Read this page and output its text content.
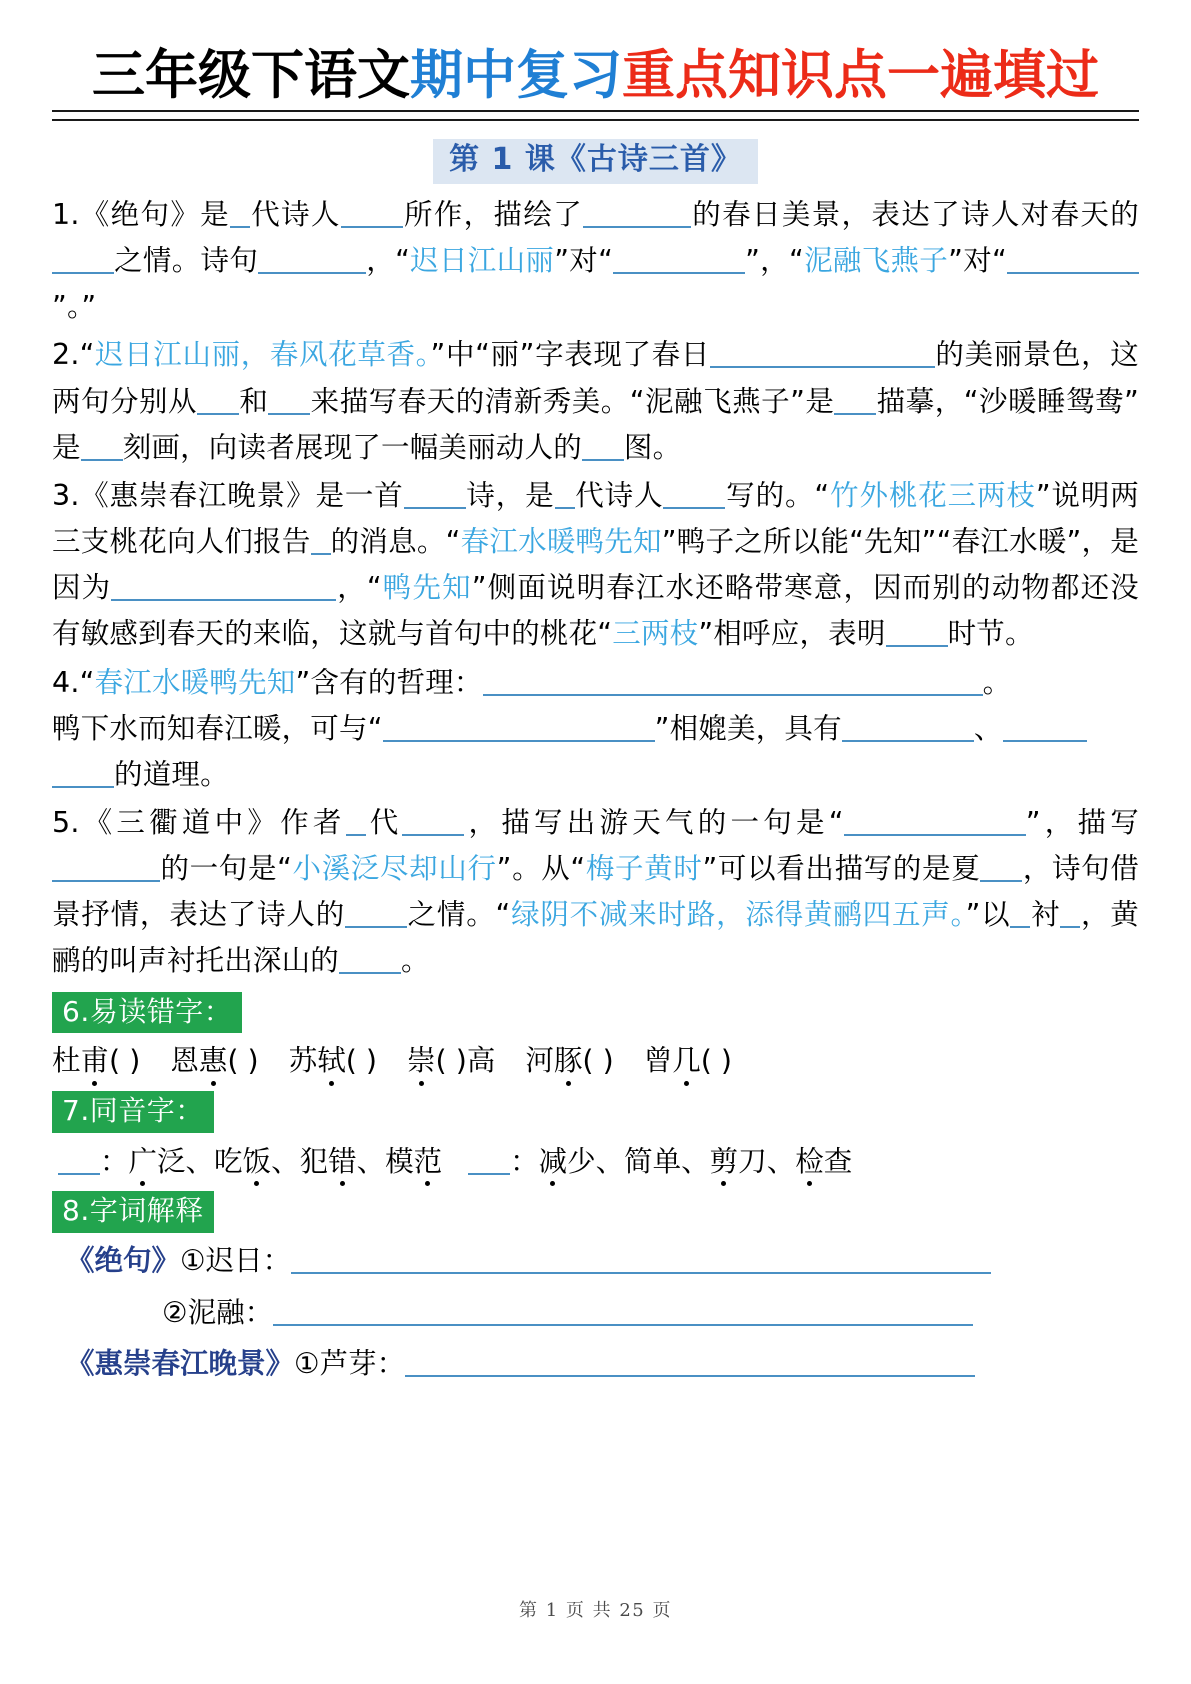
三年级下语文期中复习重点知识点一遍填过
第 1 课《古诗三首》

1.《绝句》是 代诗人 所作，描绘了	的春日美景，表达了诗人对春天的之情。诗句	，“迟日江山丽”对“	”，“泥融飞燕子”对“”。”

2.“迟日江山丽，春风花草香。”中“丽”字表现了春日	的美丽景色，这两句分别从 和 来描写春天的清新秀美。“泥融飞燕子”是 描摹，“沙暖睡鸳鸯”是 刻画，向读者展现了一幅美丽动人的 图。

3.《惠崇春江晚景》是一首 诗，是 代诗人 写的。“竹外桃花三两枝”说明两三支桃花向人们报告 的消息。“春江水暖鸭先知”鸭子之所以能“先知”“春江水暖”，是因为	，“鸭先知”侧面说明春江水还略带寒意，因而别的动物都还没有敏感到春天的来临，这就与首句中的桃花“三两枝”相呼应，表明 时节。

4.“春江水暖鸭先知”含有的哲理：	。
鸭下水而知春江暖，可与“	”相媲美，具有	、
的道理。

5.《三衢道中》作者 代 ，描写出游天气的一句是“	”，描写的一句是“小溪泛尽却山行”。从“梅子黄时”可以看出描写的是夏 ，诗句借景抒情，表达了诗人的 之情。“绿阴不减来时路，添得黄鹂四五声。”以 衬 ，黄鹂的叫声衬托出深山的 。

6.易读错字：
杜甫( ) 恩惠( ) 苏轼( ) 崇( )高 河豚( ) 曾几( )
7.同音字：
：广泛、吃饭、犯错、模范 ：减少、简单、剪刀、检查
8.字词解释
《绝句》①迟日：
②泥融：
《惠崇春江晚景》①芦芽：
第 1 页 共 25 页
